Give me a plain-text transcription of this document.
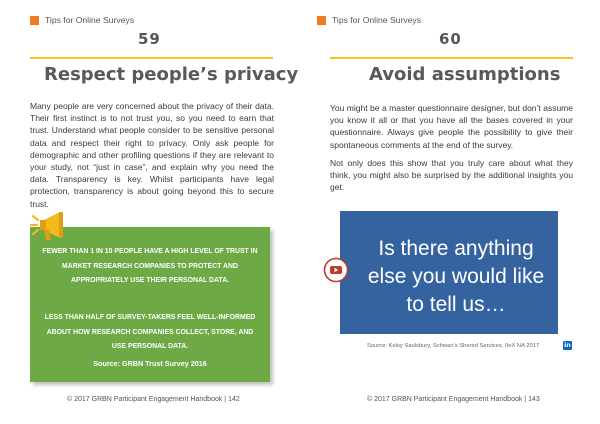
Tips for Online Surveys
59
Respect people’s privacy
Many people are very concerned about the privacy of their data. Their first instinct is to not trust you, so you need to earn that trust. Understand what people consider to be sensitive personal data and respect their right to privacy. Only ask people for demographic and other profiling questions if they are relevant to your study, not “just in case”, and explain why you need the data. Transparency is key. Whilst participants have legal protection, transparency is about going beyond this to secure trust.
FEWER THAN 1 IN 10 PEOPLE HAVE A HIGH LEVEL OF TRUST IN MARKET RESEARCH COMPANIES TO PROTECT AND APPROPRIATELY USE THEIR PERSONAL DATA.
LESS THAN HALF OF SURVEY-TAKERS FEEL WELL-INFORMED ABOUT HOW RESEARCH COMPANIES COLLECT, STORE, AND USE PERSONAL DATA.
Source: GRBN Trust Survey 2016
© 2017 GRBN Participant Engagement Handbook | 142
Tips for Online Surveys
60
Avoid assumptions

You might be a master questionnaire designer, but don’t assume you know it all or that you have all the bases covered in your questionnaire. Always give people the possibility to give their spontaneous comments at the end of the survey.

Not only does this show that you truly care about what they think, you might also be surprised by the additional insights you get.

Is there anything else you would like to tell us…
Source: Kelsy Saulsbury, Schwan’s Shared Services, IIeX NA 2017	in
© 2017 GRBN Participant Engagement Handbook | 143
